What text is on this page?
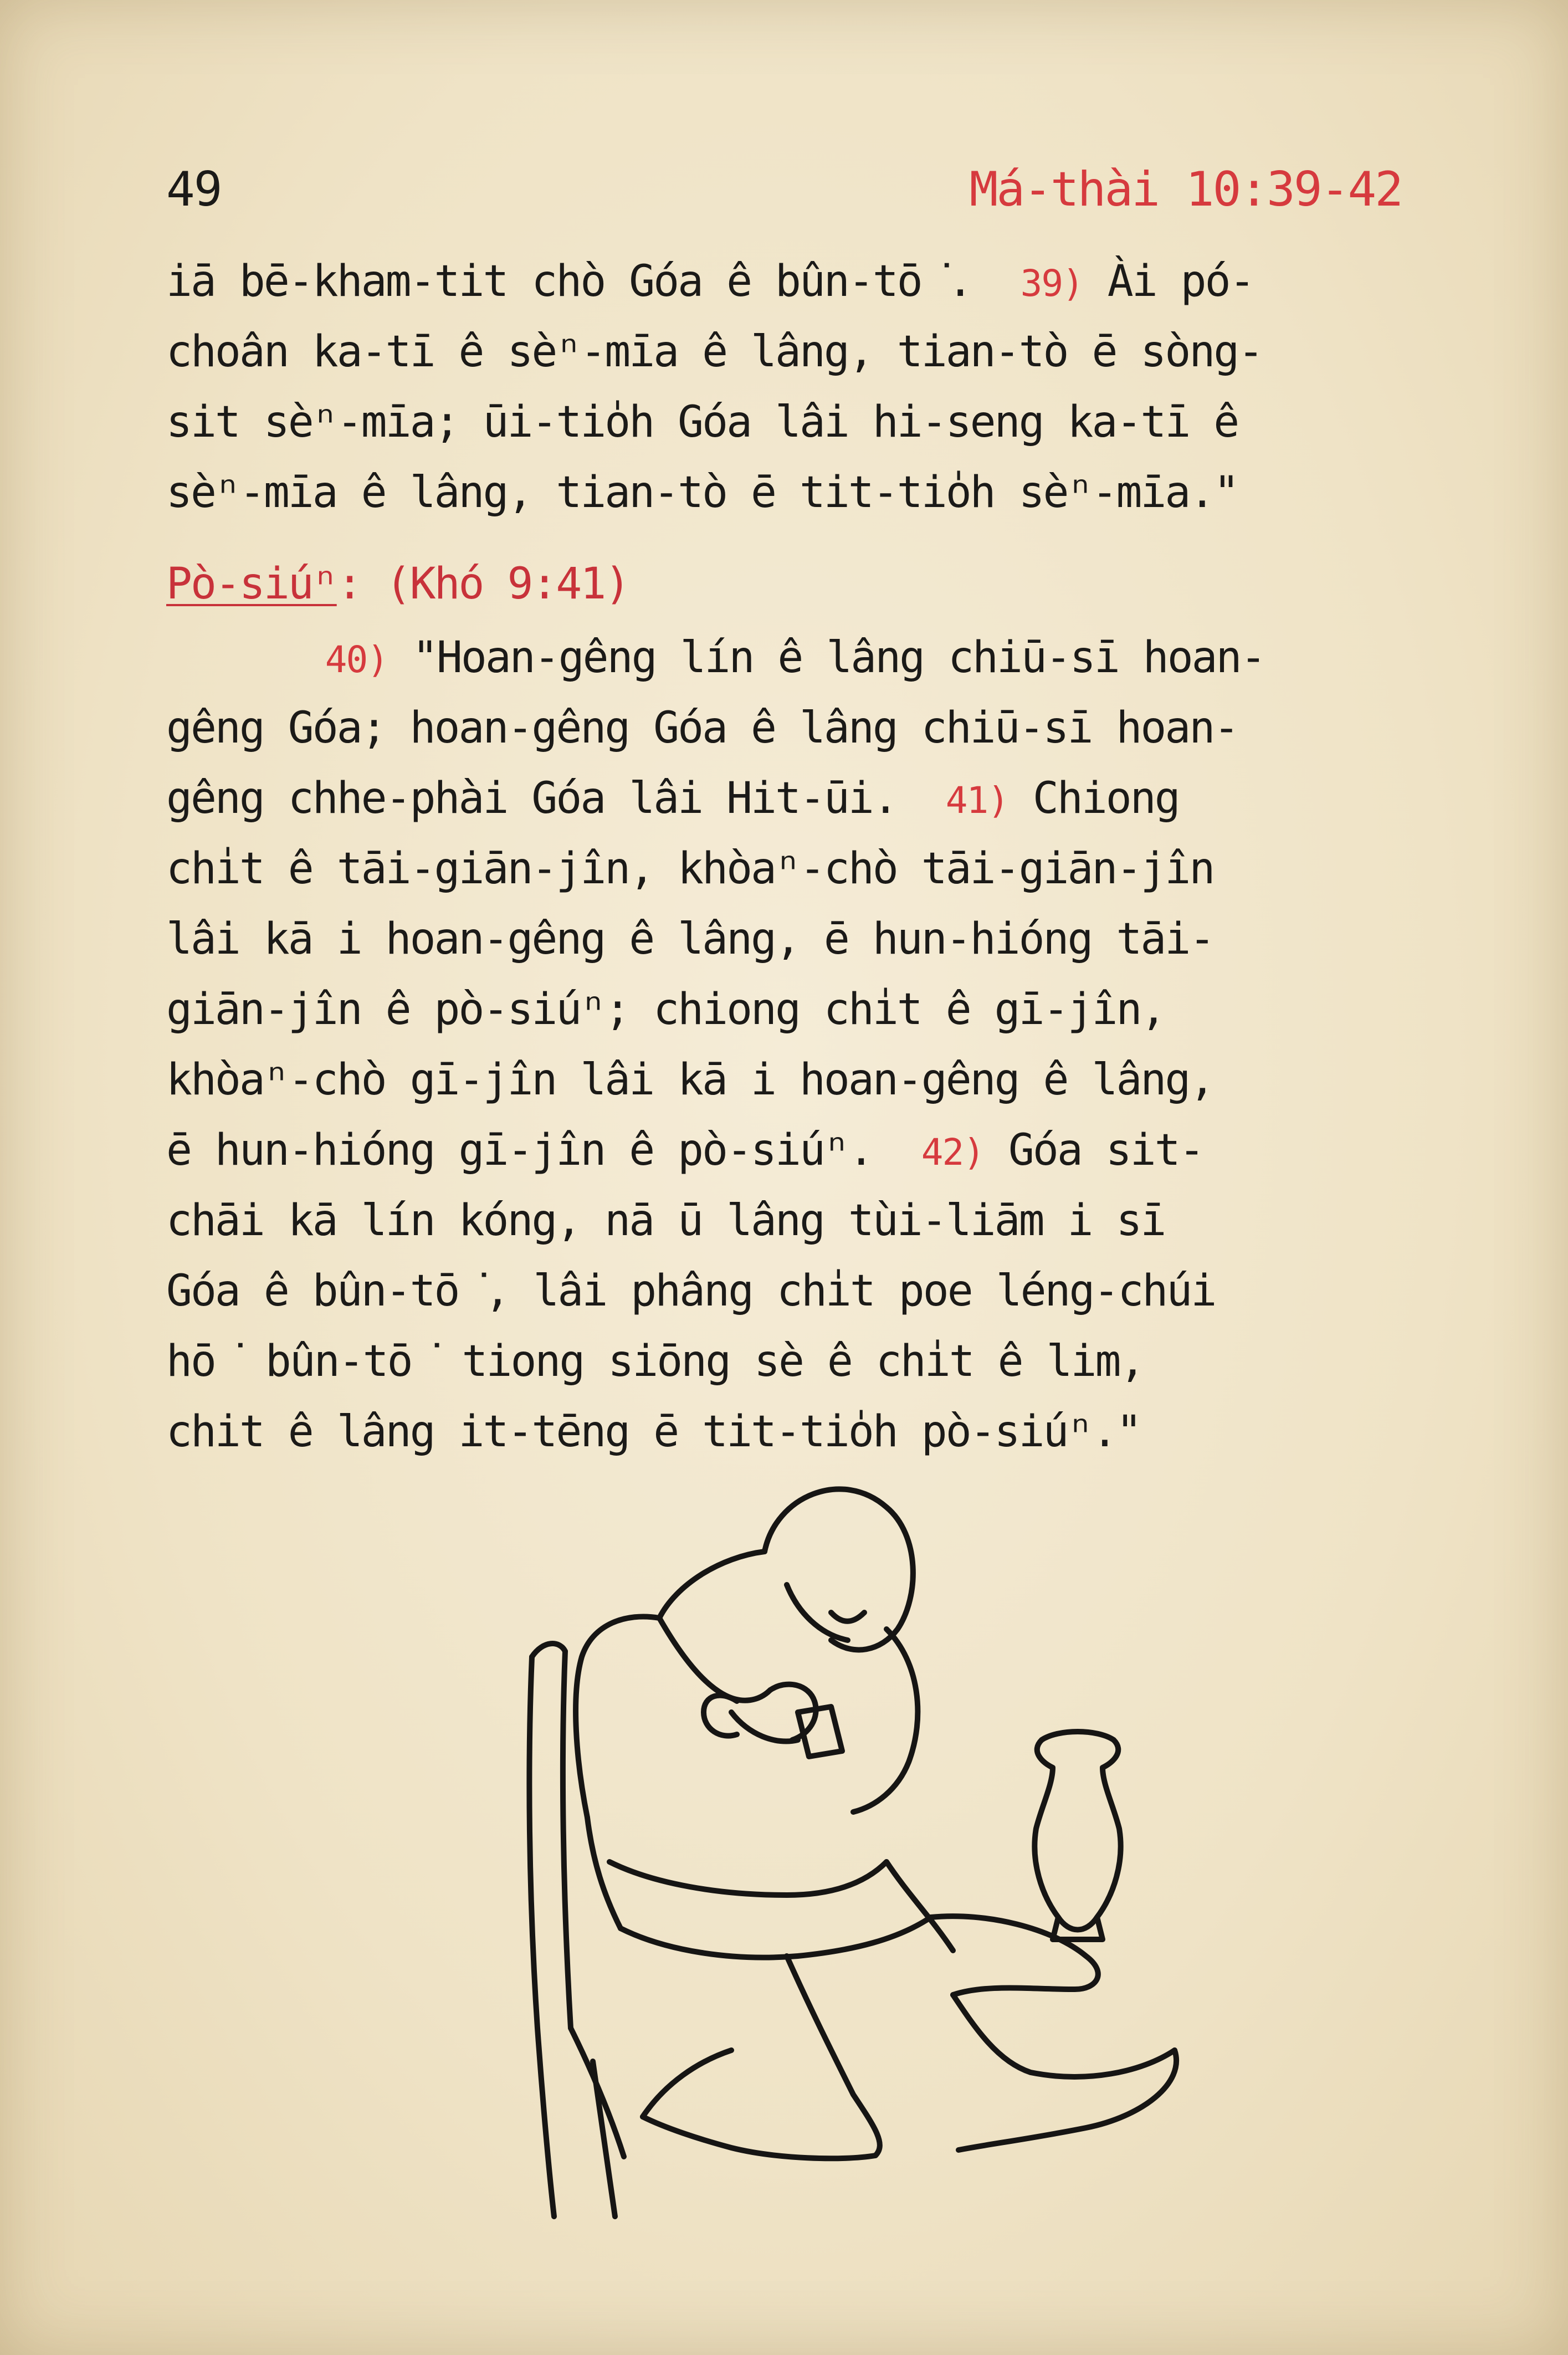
49	Má-thài 10:39-42
iā bē-kham-tit chò Góa ê bûn-tō͘.  39) Ài pó-
choân ka-tī ê sèⁿ-mīa ê lâng, tian-tò ē sòng-
sit sèⁿ-mīa; ūi-tio̍h Góa lâi hi-seng ka-tī ê
sèⁿ-mīa ê lâng, tian-tò ē tit-tio̍h sèⁿ-mīa."
Pò-siúⁿ: (Khó 9:41)
40) "Hoan-gêng lín ê lâng chiū-sī hoan-
gêng Góa; hoan-gêng Góa ê lâng chiū-sī hoan-
gêng chhe-phài Góa lâi Hit-ūi.  41) Chiong
chi̍t ê tāi-giān-jîn, khòaⁿ-chò tāi-giān-jîn
lâi kā i hoan-gêng ê lâng, ē hun-hióng tāi-
giān-jîn ê pò-siúⁿ; chiong chi̍t ê gī-jîn,
khòaⁿ-chò gī-jîn lâi kā i hoan-gêng ê lâng,
ē hun-hióng gī-jîn ê pò-siúⁿ.  42) Góa sit-
chāi kā lín kóng, nā ū lâng tùi-liām i sī
Góa ê bûn-tō͘, lâi phâng chi̍t poe léng-chúi
hō͘ bûn-tō͘ tiong siōng sè ê chi̍t ê lim,
chit ê lâng it-tēng ē tit-tio̍h pò-siúⁿ."
